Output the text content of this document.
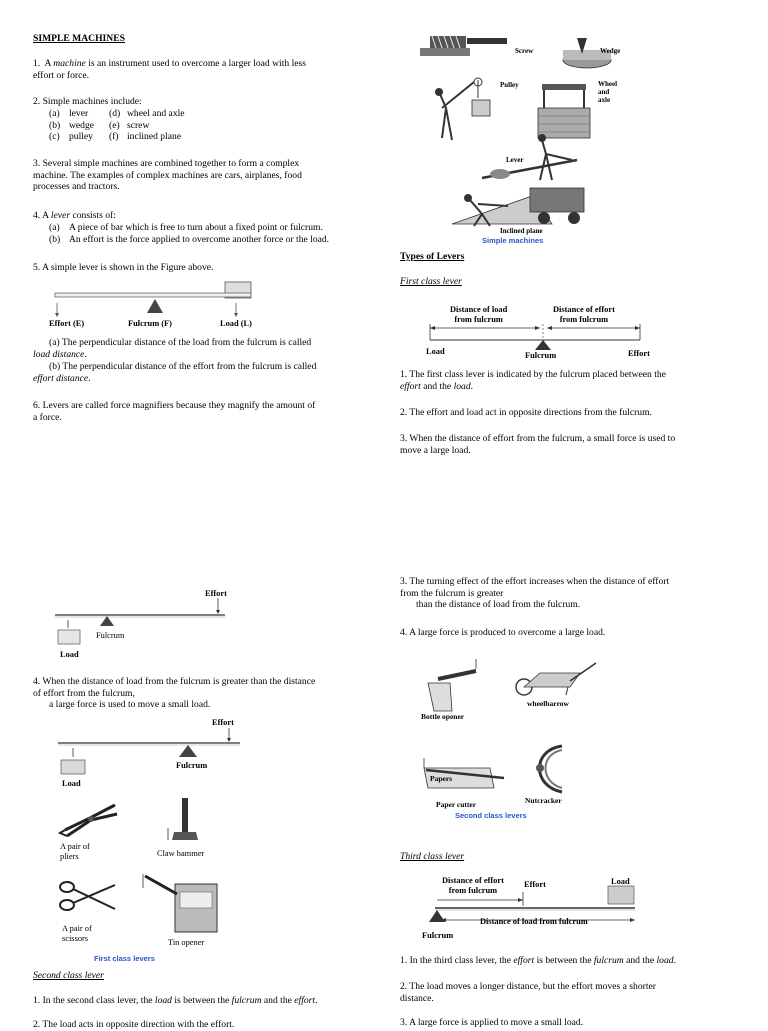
SIMPLE MACHINES
1. A machine is an instrument used to overcome a larger load with less
effort or force.
2. Simple machines include:
(a) lever (d) wheel and axle
(b) wedge (e) screw
(c) pulley (f) inclined plane
3. Several simple machines are combined together to form a complex
machine. The examples of complex machines are cars, airplanes, food
processes and tractors.
4. A lever consists of:
(a) A piece of bar which is free to turn about a fixed point or fulcrum.
(b) An effort is the force applied to overcome another force or the load.
5. A simple lever is shown in the Figure above.
Effort (E)	Fulcrum (F)	Load (L)
(a) The perpendicular distance of the load from the fulcrum is called
load distance.
(b) The perpendicular distance of the effort from the fulcrum is called
effort distance.
6. Levers are called force magnifiers because they magnify the amount of
a force.
Effort
Fulcrum
Load
4. When the distance of load from the fulcrum is greater than the distance
of effort from the fulcrum,
a large force is used to move a small load.
Effort
Fulcrum
Load
A pair of
pliers	Claw hammer
A pair of
scissors	Tin opener
First class levers
Second class lever
1. In the second class lever, the load is between the fulcrum and the effort.
2. The load acts in opposite direction with the effort.
Screw	Wedge
Pulley	Wheel
and
axle
Lever
Inclined plane
Simple machines
Types of Levers
First class lever
Distance of load
from fulcrum
Distance of effort
from fulcrum
Load	Fulcrum	Effort
1. The first class lever is indicated by the fulcrum placed between the
effort and the load.
2. The effort and load act in opposite directions from the fulcrum.
3. When the distance of effort from the fulcrum, a small force is used to
move a large load.
3. The turning effect of the effort increases when the distance of effort
from the fulcrum is greater
than the distance of load from the fulcrum.
4. A large force is produced to overcome a large load.
Bottle opener
wheelbarrow
Papers
Paper cutter	Nutcracker
Second class levers
Third class lever
Distance of effort
from fulcrum
Effort	Load
Distance of load from fulcrum
Fulcrum
1. In the third class lever, the effort is between the fulcrum and the load.
2. The load moves a longer distance, but the effort moves a shorter
distance.
3. A large force is applied to move a small load.
